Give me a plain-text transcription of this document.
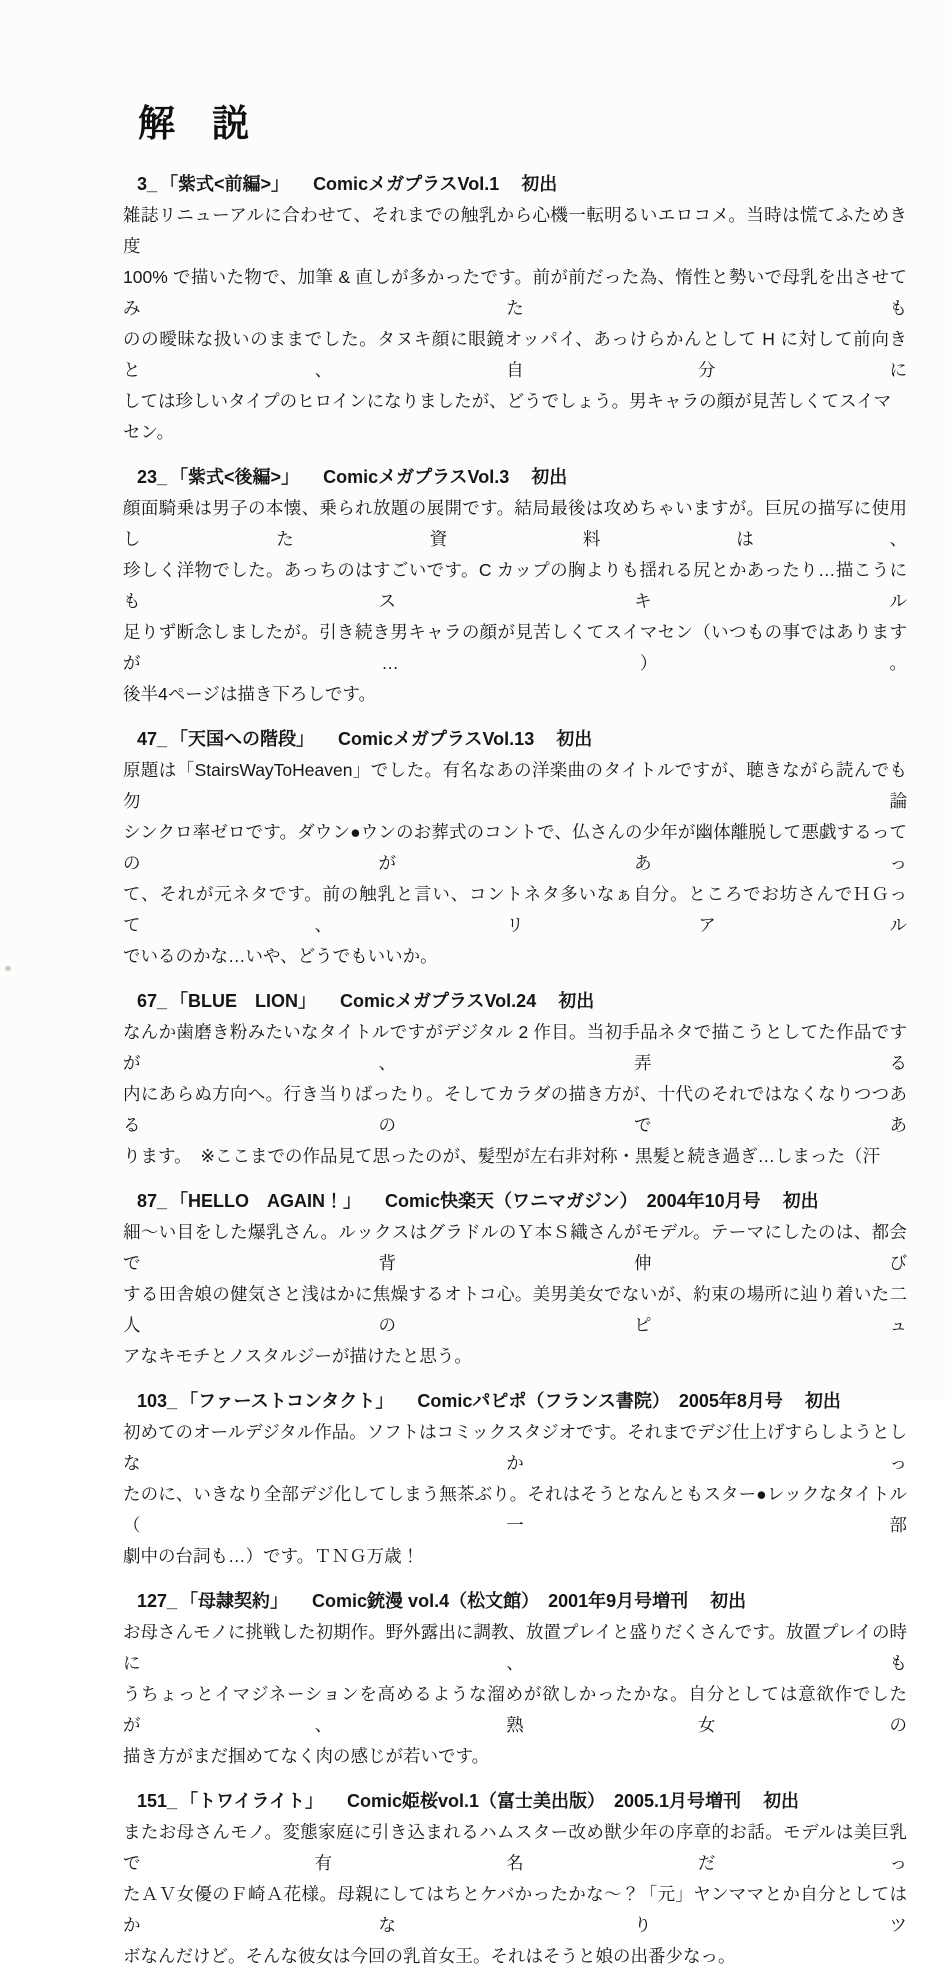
解　説
3_ 「紫式<前編>」 ComicメガプラスVol.1 初出

雑誌リニューアルに合わせて、それまでの触乳から心機一転明るいエロコメ。当時は慌てふためき度

100% で描いた物で、加筆 & 直しが多かったです。前が前だった為、惰性と勢いで母乳を出させてみたも

のの曖昧な扱いのままでした。タヌキ顔に眼鏡オッパイ、あっけらかんとして H に対して前向きと、自分に

しては珍しいタイプのヒロインになりましたが、どうでしょう。男キャラの顔が見苦しくてスイマセン。

23_ 「紫式<後編>」 ComicメガプラスVol.3 初出

顔面騎乗は男子の本懐、乗られ放題の展開です。結局最後は攻めちゃいますが。巨尻の描写に使用した資料は、

珍しく洋物でした。あっちのはすごいです。C カップの胸よりも揺れる尻とかあったり…描こうにもスキル

足りず断念しましたが。引き続き男キャラの顔が見苦しくてスイマセン（いつもの事ではありますが…）。

後半4ページは描き下ろしです。

47_ 「天国への階段」 ComicメガプラスVol.13 初出

原題は「StairsWayToHeaven」でした。有名なあの洋楽曲のタイトルですが、聴きながら読んでも勿論

シンクロ率ゼロです。ダウン●ウンのお葬式のコントで、仏さんの少年が幽体離脱して悪戯するってのがあっ

て、それが元ネタです。前の触乳と言い、コントネタ多いなぁ自分。ところでお坊さんでＨＧって、リアル

でいるのかな…いや、どうでもいいか。

67_ 「BLUE　LION」 ComicメガプラスVol.24 初出

なんか歯磨き粉みたいなタイトルですがデジタル 2 作目。当初手品ネタで描こうとしてた作品ですが、弄る

内にあらぬ方向へ。行き当りばったり。そしてカラダの描き方が、十代のそれではなくなりつつあるのであ

ります。　※ここまでの作品見て思ったのが、髪型が左右非対称・黒髪と続き過ぎ…しまった（汗

87_ 「HELLO　AGAIN！」 Comic快楽天（ワニマガジン）　2004年10月号 初出

細〜い目をした爆乳さん。ルックスはグラドルのＹ本Ｓ織さんがモデル。テーマにしたのは、都会で背伸び

する田舎娘の健気さと浅はかに焦燥するオトコ心。美男美女でないが、約束の場所に辿り着いた二人のピュ

アなキモチとノスタルジーが描けたと思う。

103_ 「ファーストコンタクト」 Comicパピポ（フランス書院）　2005年8月号 初出

初めてのオールデジタル作品。ソフトはコミックスタジオです。それまでデジ仕上げすらしようとしなかっ

たのに、いきなり全部デジ化してしまう無茶ぶり。それはそうとなんともスター●レックなタイトル（一部

劇中の台詞も…）です。ＴＮＧ万歳！

127_ 「母隷契約」 Comic銃漫 vol.4（松文館）　2001年9月号増刊 初出

お母さんモノに挑戦した初期作。野外露出に調教、放置プレイと盛りだくさんです。放置プレイの時に、も

うちょっとイマジネーションを高めるような溜めが欲しかったかな。自分としては意欲作でしたが、熟女の

描き方がまだ掴めてなく肉の感じが若いです。

151_ 「トワイライト」 Comic姫桜vol.1（富士美出版）　2005.1月号増刊 初出

またお母さんモノ。変態家庭に引き込まれるハムスター改め獣少年の序章的お話。モデルは美巨乳で有名だっ

たＡＶ女優のＦ崎Ａ花様。母親にしてはちとケバかったかな〜？「元」ヤンママとか自分としてはかなりツ

ボなんだけど。そんな彼女は今回の乳首女王。それはそうと娘の出番少なっ。
